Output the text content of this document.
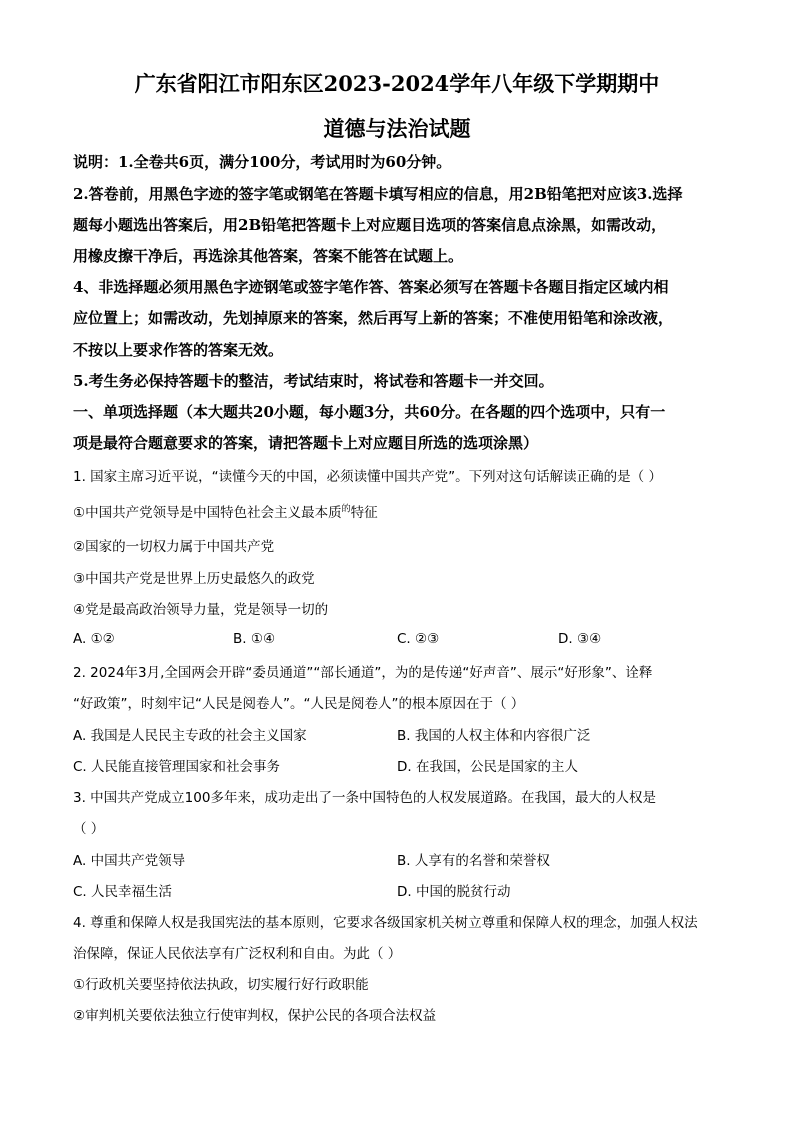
广东省阳江市阳东区2023-2024学年八年级下学期期中
道德与法治试题
说明：1.全卷共6页，满分100分，考试用时为60分钟。
2.答卷前，用黑色字迹的签字笔或钢笔在答题卡填写相应的信息，用2B铅笔把对应该3.选择
题每小题选出答案后，用2B铅笔把答题卡上对应题目选项的答案信息点涂黑，如需改动，
用橡皮擦干净后，再选涂其他答案，答案不能答在试题上。
4、非选择题必须用黑色字迹钢笔或签字笔作答、答案必须写在答题卡各题目指定区域内相
应位置上；如需改动，先划掉原来的答案，然后再写上新的答案；不准使用铅笔和涂改液，
不按以上要求作答的答案无效。
5.考生务必保持答题卡的整洁，考试结束时，将试卷和答题卡一并交回。
一、单项选择题（本大题共20小题，每小题3分，共60分。在各题的四个选项中，只有一
项是最符合题意要求的答案，请把答题卡上对应题目所选的选项涂黑）
1. 国家主席习近平说，“读懂今天的中国，必须读懂中国共产党”。下列对这句话解读正确的是（ ）
①中国共产党领导是中国特色社会主义最本质$^的$特征
②国家的一切权力属于中国共产党
③中国共产党是世界上历史最悠久的政党
④党是最高政治领导力量，党是领导一切的
A. ①②	B. ①④	C. ②③	D. ③④
2. 2024年3月,全国两会开辟“委员通道”“部长通道”，为的是传递“好声音”、展示“好形象”、诠释
“好政策”，时刻牢记“人民是阅卷人”。“人民是阅卷人”的根本原因在于（ ）
A. 我国是人民民主专政的社会主义国家	B. 我国的人权主体和内容很广泛
C. 人民能直接管理国家和社会事务	D. 在我国，公民是国家的主人
3. 中国共产党成立100多年来，成功走出了一条中国特色的人权发展道路。在我国，最大的人权是
（ ）
A. 中国共产党领导	B. 人享有的名誉和荣誉权
C. 人民幸福生活	D. 中国的脱贫行动
4. 尊重和保障人权是我国宪法的基本原则，它要求各级国家机关树立尊重和保障人权的理念，加强人权法
治保障，保证人民依法享有广泛权利和自由。为此（ ）
①行政机关要坚持依法执政，切实履行好行政职能
②审判机关要依法独立行使审判权，保护公民的各项合法权益
